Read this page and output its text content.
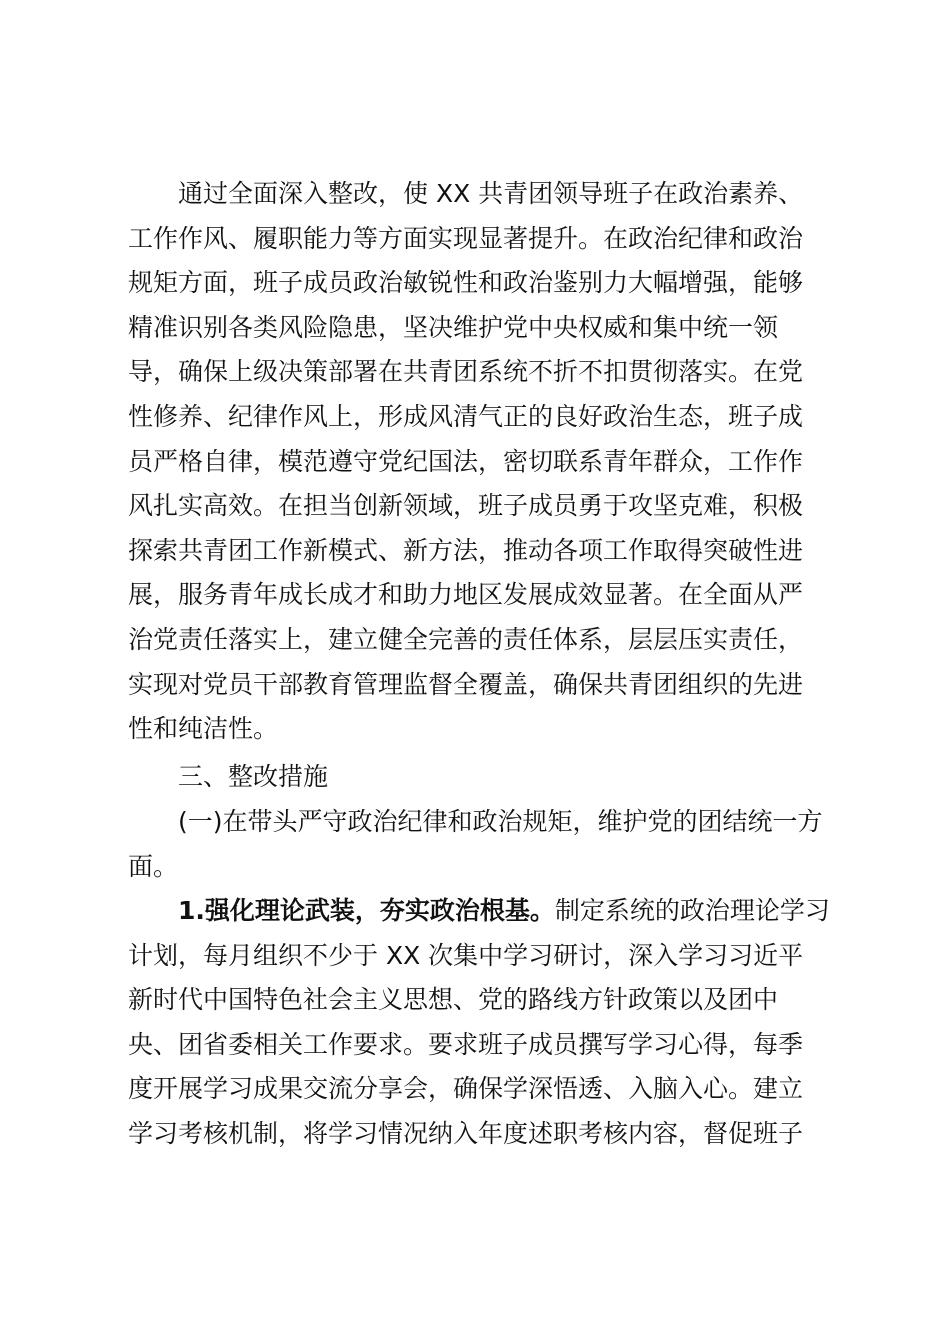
通过全面深入整改，使 XX 共青团领导班子在政治素养、
工作作风、履职能力等方面实现显著提升。在政治纪律和政治
规矩方面，班子成员政治敏锐性和政治鉴别力大幅增强，能够
精准识别各类风险隐患，坚决维护党中央权威和集中统一领
导，确保上级决策部署在共青团系统不折不扣贯彻落实。在党
性修养、纪律作风上，形成风清气正的良好政治生态，班子成
员严格自律，模范遵守党纪国法，密切联系青年群众，工作作
风扎实高效。在担当创新领域，班子成员勇于攻坚克难，积极
探索共青团工作新模式、新方法，推动各项工作取得突破性进
展，服务青年成长成才和助力地区发展成效显著。在全面从严
治党责任落实上，建立健全完善的责任体系，层层压实责任，
实现对党员干部教育管理监督全覆盖，确保共青团组织的先进
性和纯洁性。
三、整改措施
(一)在带头严守政治纪律和政治规矩，维护党的团结统一方
面。
1.强化理论武装，夯实政治根基。制定系统的政治理论学习
计划，每月组织不少于 XX 次集中学习研讨，深入学习习近平
新时代中国特色社会主义思想、党的路线方针政策以及团中
央、团省委相关工作要求。要求班子成员撰写学习心得，每季
度开展学习成果交流分享会，确保学深悟透、入脑入心。建立
学习考核机制，将学习情况纳入年度述职考核内容，督促班子
